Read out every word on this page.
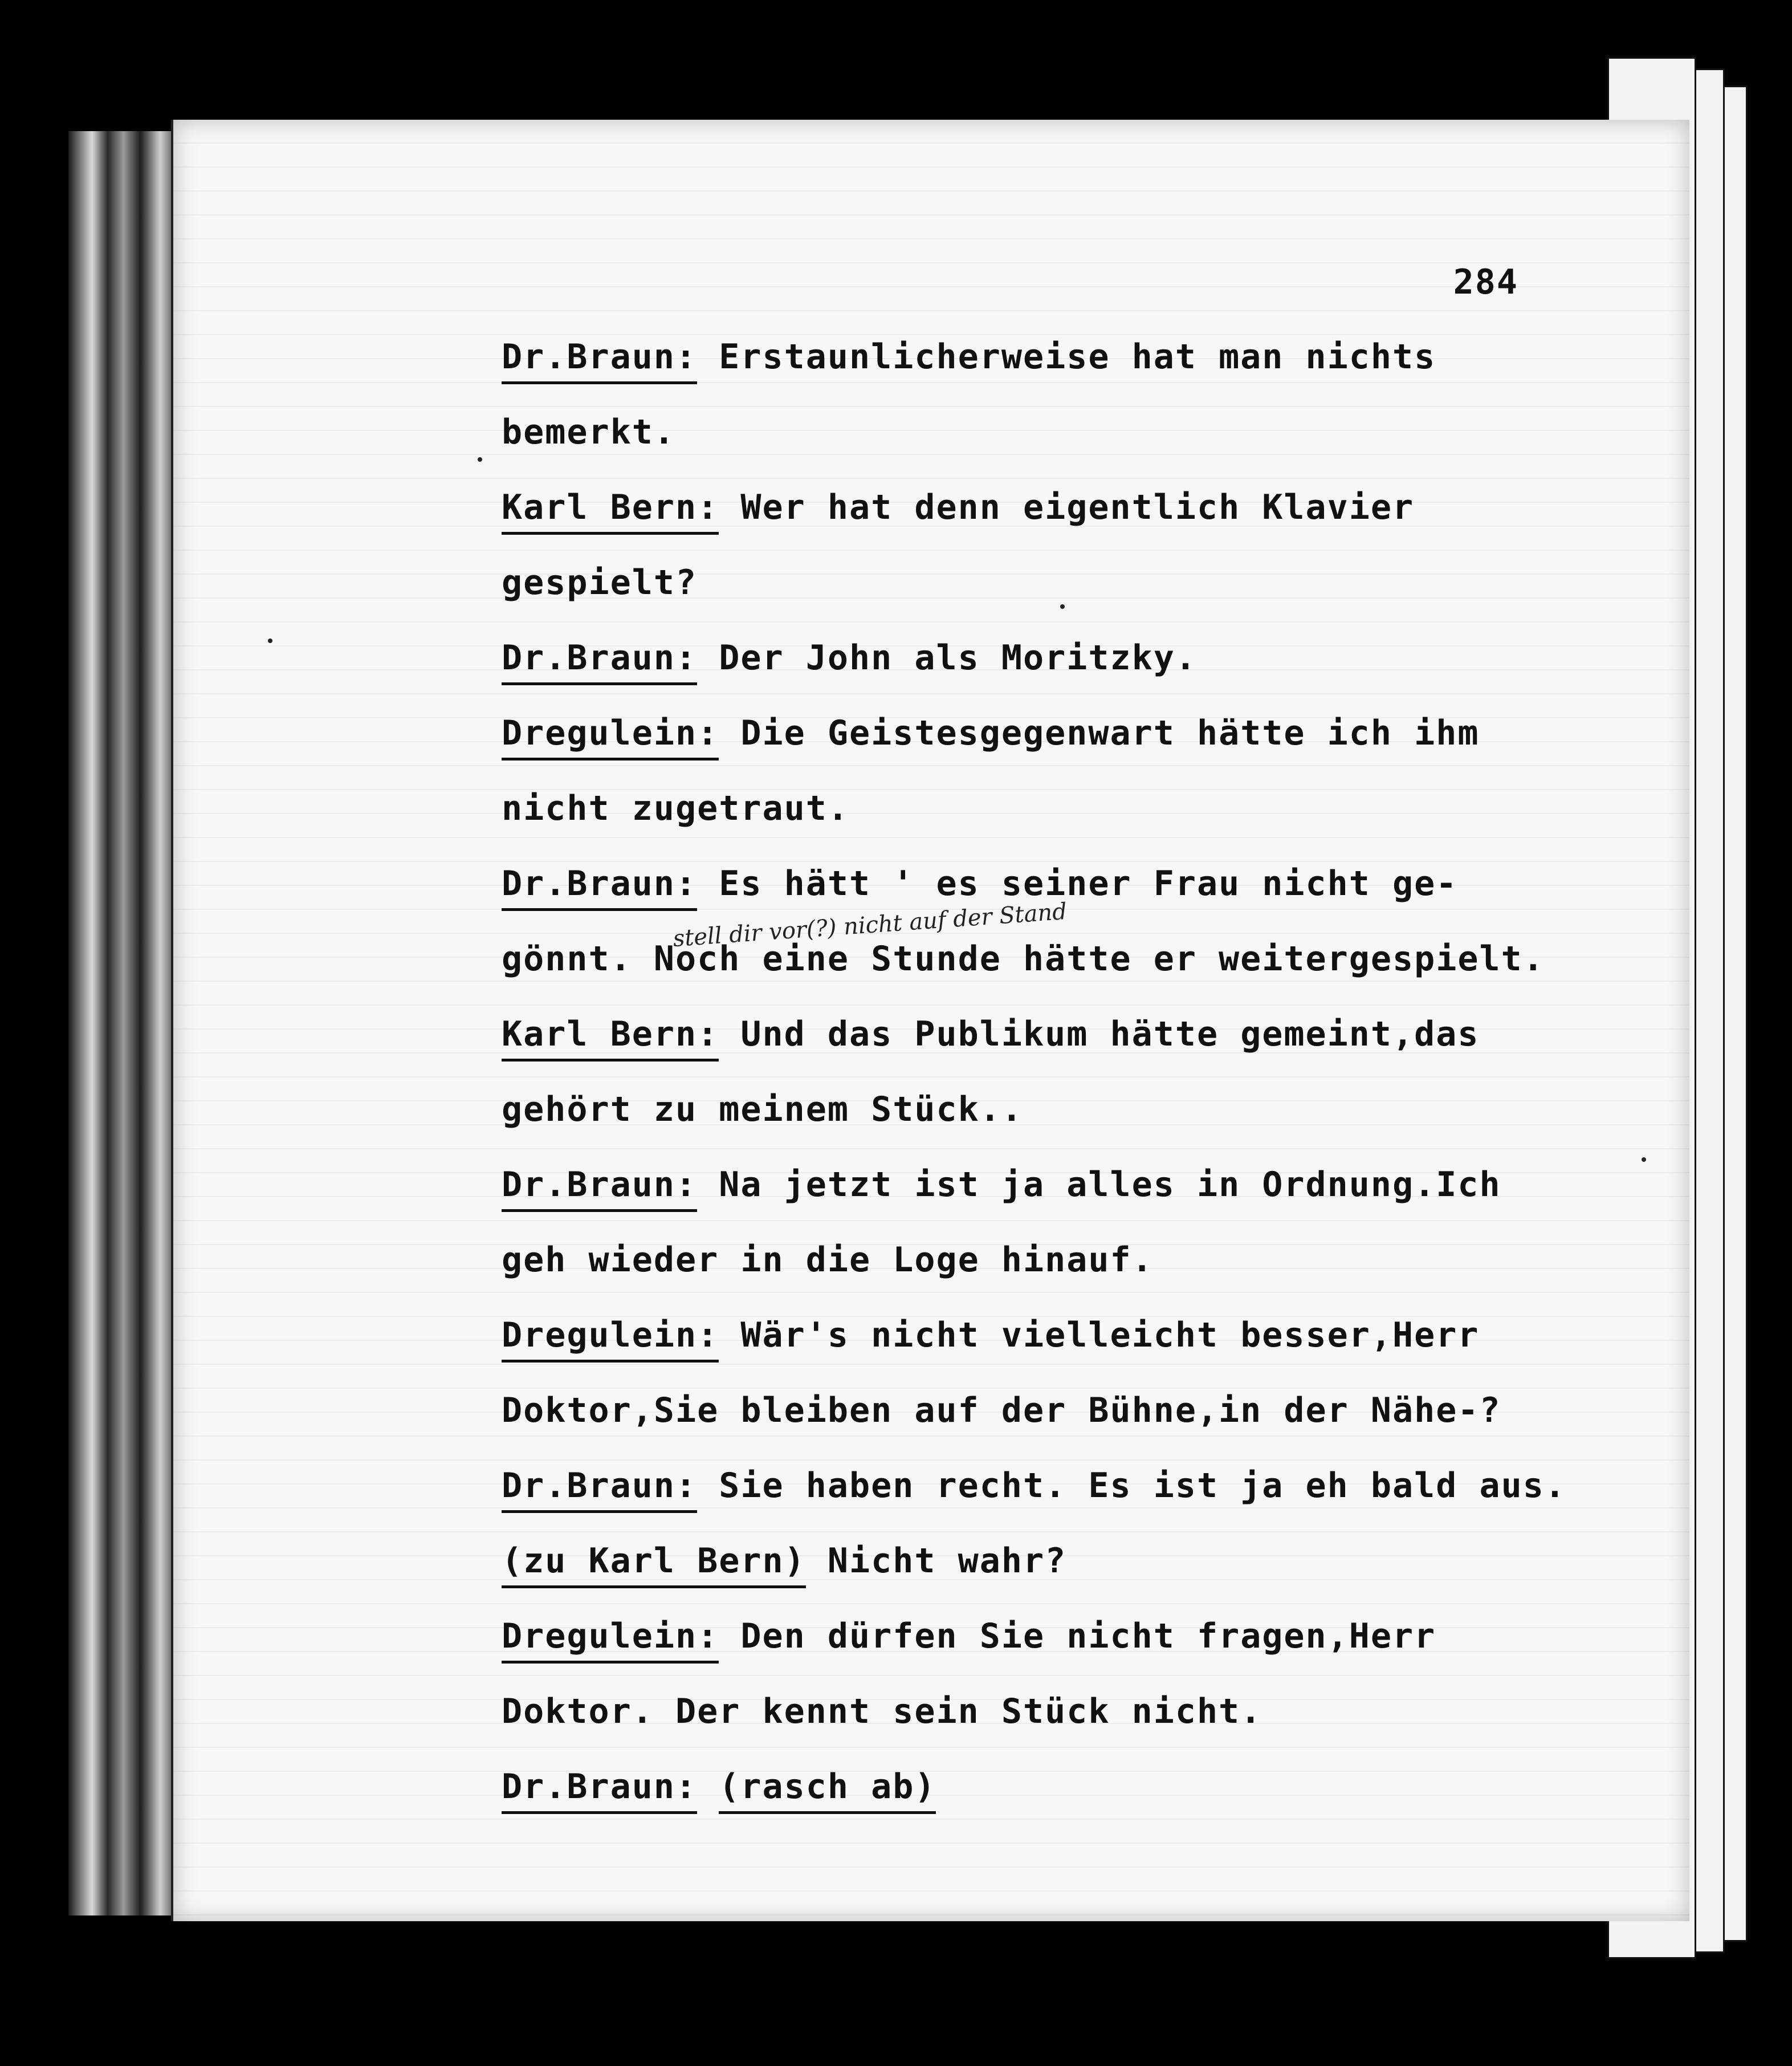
284
stell dir vor(?) nicht auf der Stand
Dr.Braun: Erstaunlicherweise hat man nichts
bemerkt.
Karl Bern: Wer hat denn eigentlich Klavier
gespielt?
Dr.Braun: Der John als Moritzky.
Dregulein: Die Geistesgegenwart hätte ich ihm
nicht zugetraut.
Dr.Braun: Es hätt ' es seiner Frau nicht ge-
gönnt. Noch eine Stunde hätte er weitergespielt.
Karl Bern: Und das Publikum hätte gemeint,das
gehört zu meinem Stück..
Dr.Braun: Na jetzt ist ja alles in Ordnung.Ich
geh wieder in die Loge hinauf.
Dregulein: Wär's nicht vielleicht besser,Herr
Doktor,Sie bleiben auf der Bühne,in der Nähe-?
Dr.Braun: Sie haben recht. Es ist ja eh bald aus.
(zu Karl Bern) Nicht wahr?
Dregulein: Den dürfen Sie nicht fragen,Herr
Doktor. Der kennt sein Stück nicht.
Dr.Braun: (rasch ab)
